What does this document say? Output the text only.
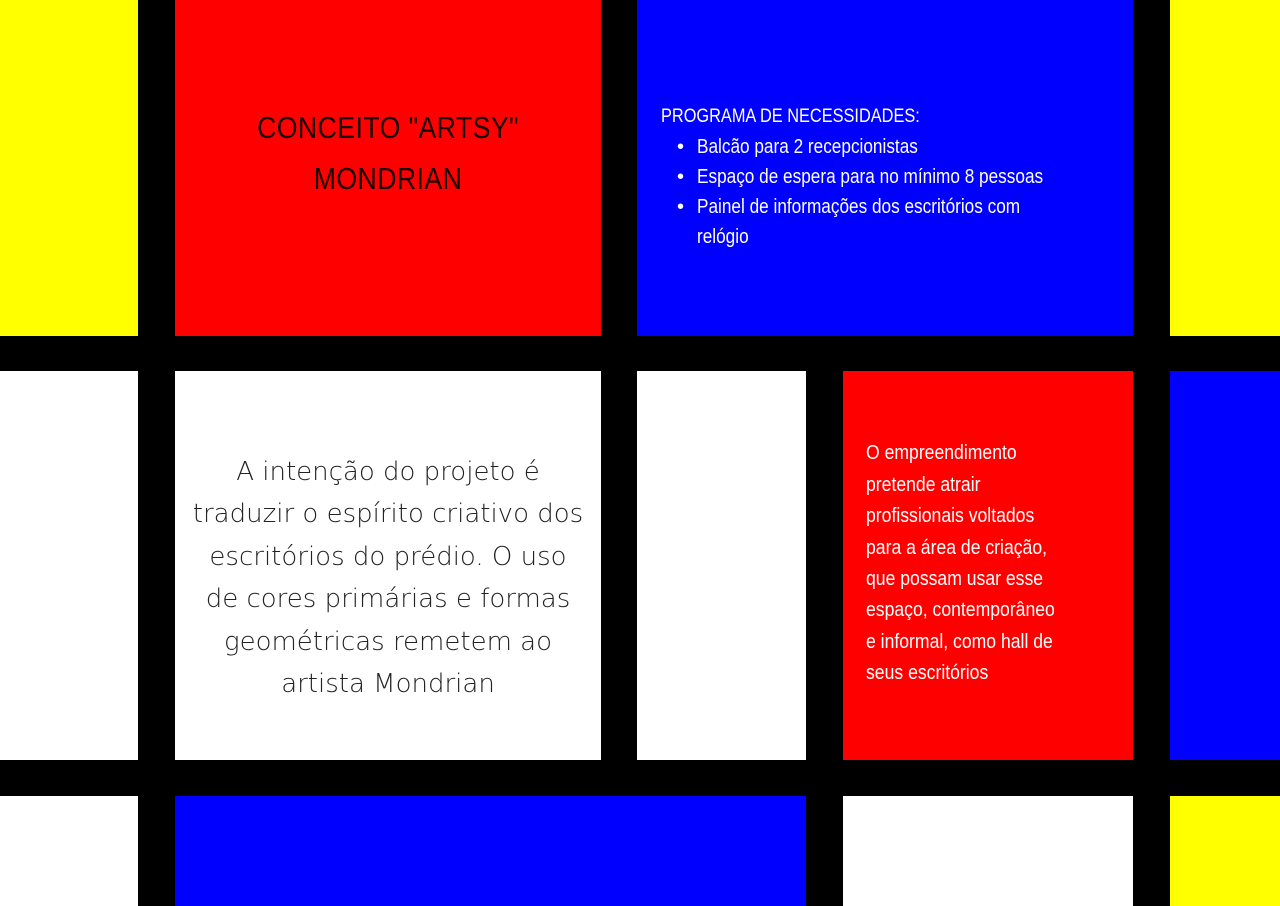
CONCEITO "ARTSY"
MONDRIAN
PROGRAMA DE NECESSIDADES:
• Balcão para 2 recepcionistas
• Espaço de espera para no mínimo 8 pessoas
• Painel de informações dos escritórios com
relógio
A intenção do projeto é
traduzir o espírito criativo dos
escritórios do prédio. O uso
de cores primárias e formas
geométricas remetem ao
artista Mondrian
O empreendimento
pretende atrair
profissionais voltados
para a área de criação,
que possam usar esse
espaço, contemporâneo
e informal, como hall de
seus escritórios
